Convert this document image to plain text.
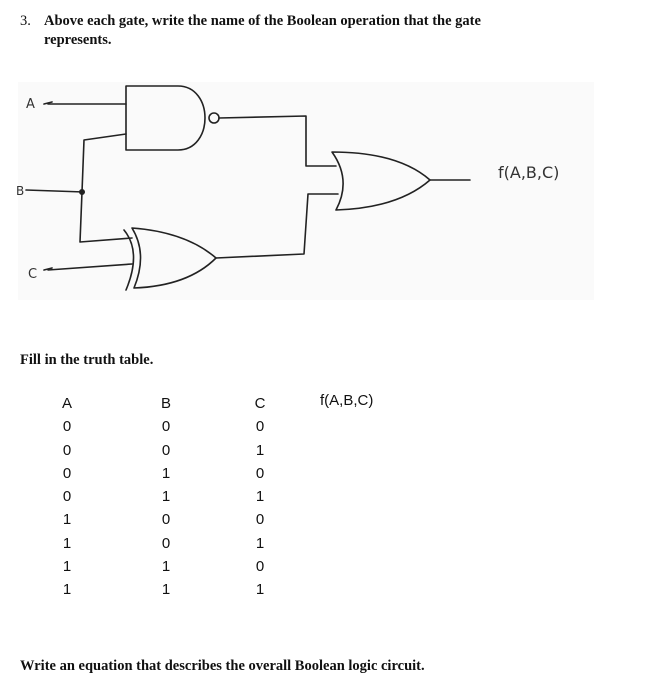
3. Above each gate, write the name of the Boolean operation that the gate
represents.
A
B
C
f(A,B,C)
Fill in the truth table.
A
0
0
0
0
1
1
1
1
B
0
0
1
1
0
0
1
1
C
0
1
0
1
0
1
0
1
f(A,B,C)
Write an equation that describes the overall Boolean logic circuit.
